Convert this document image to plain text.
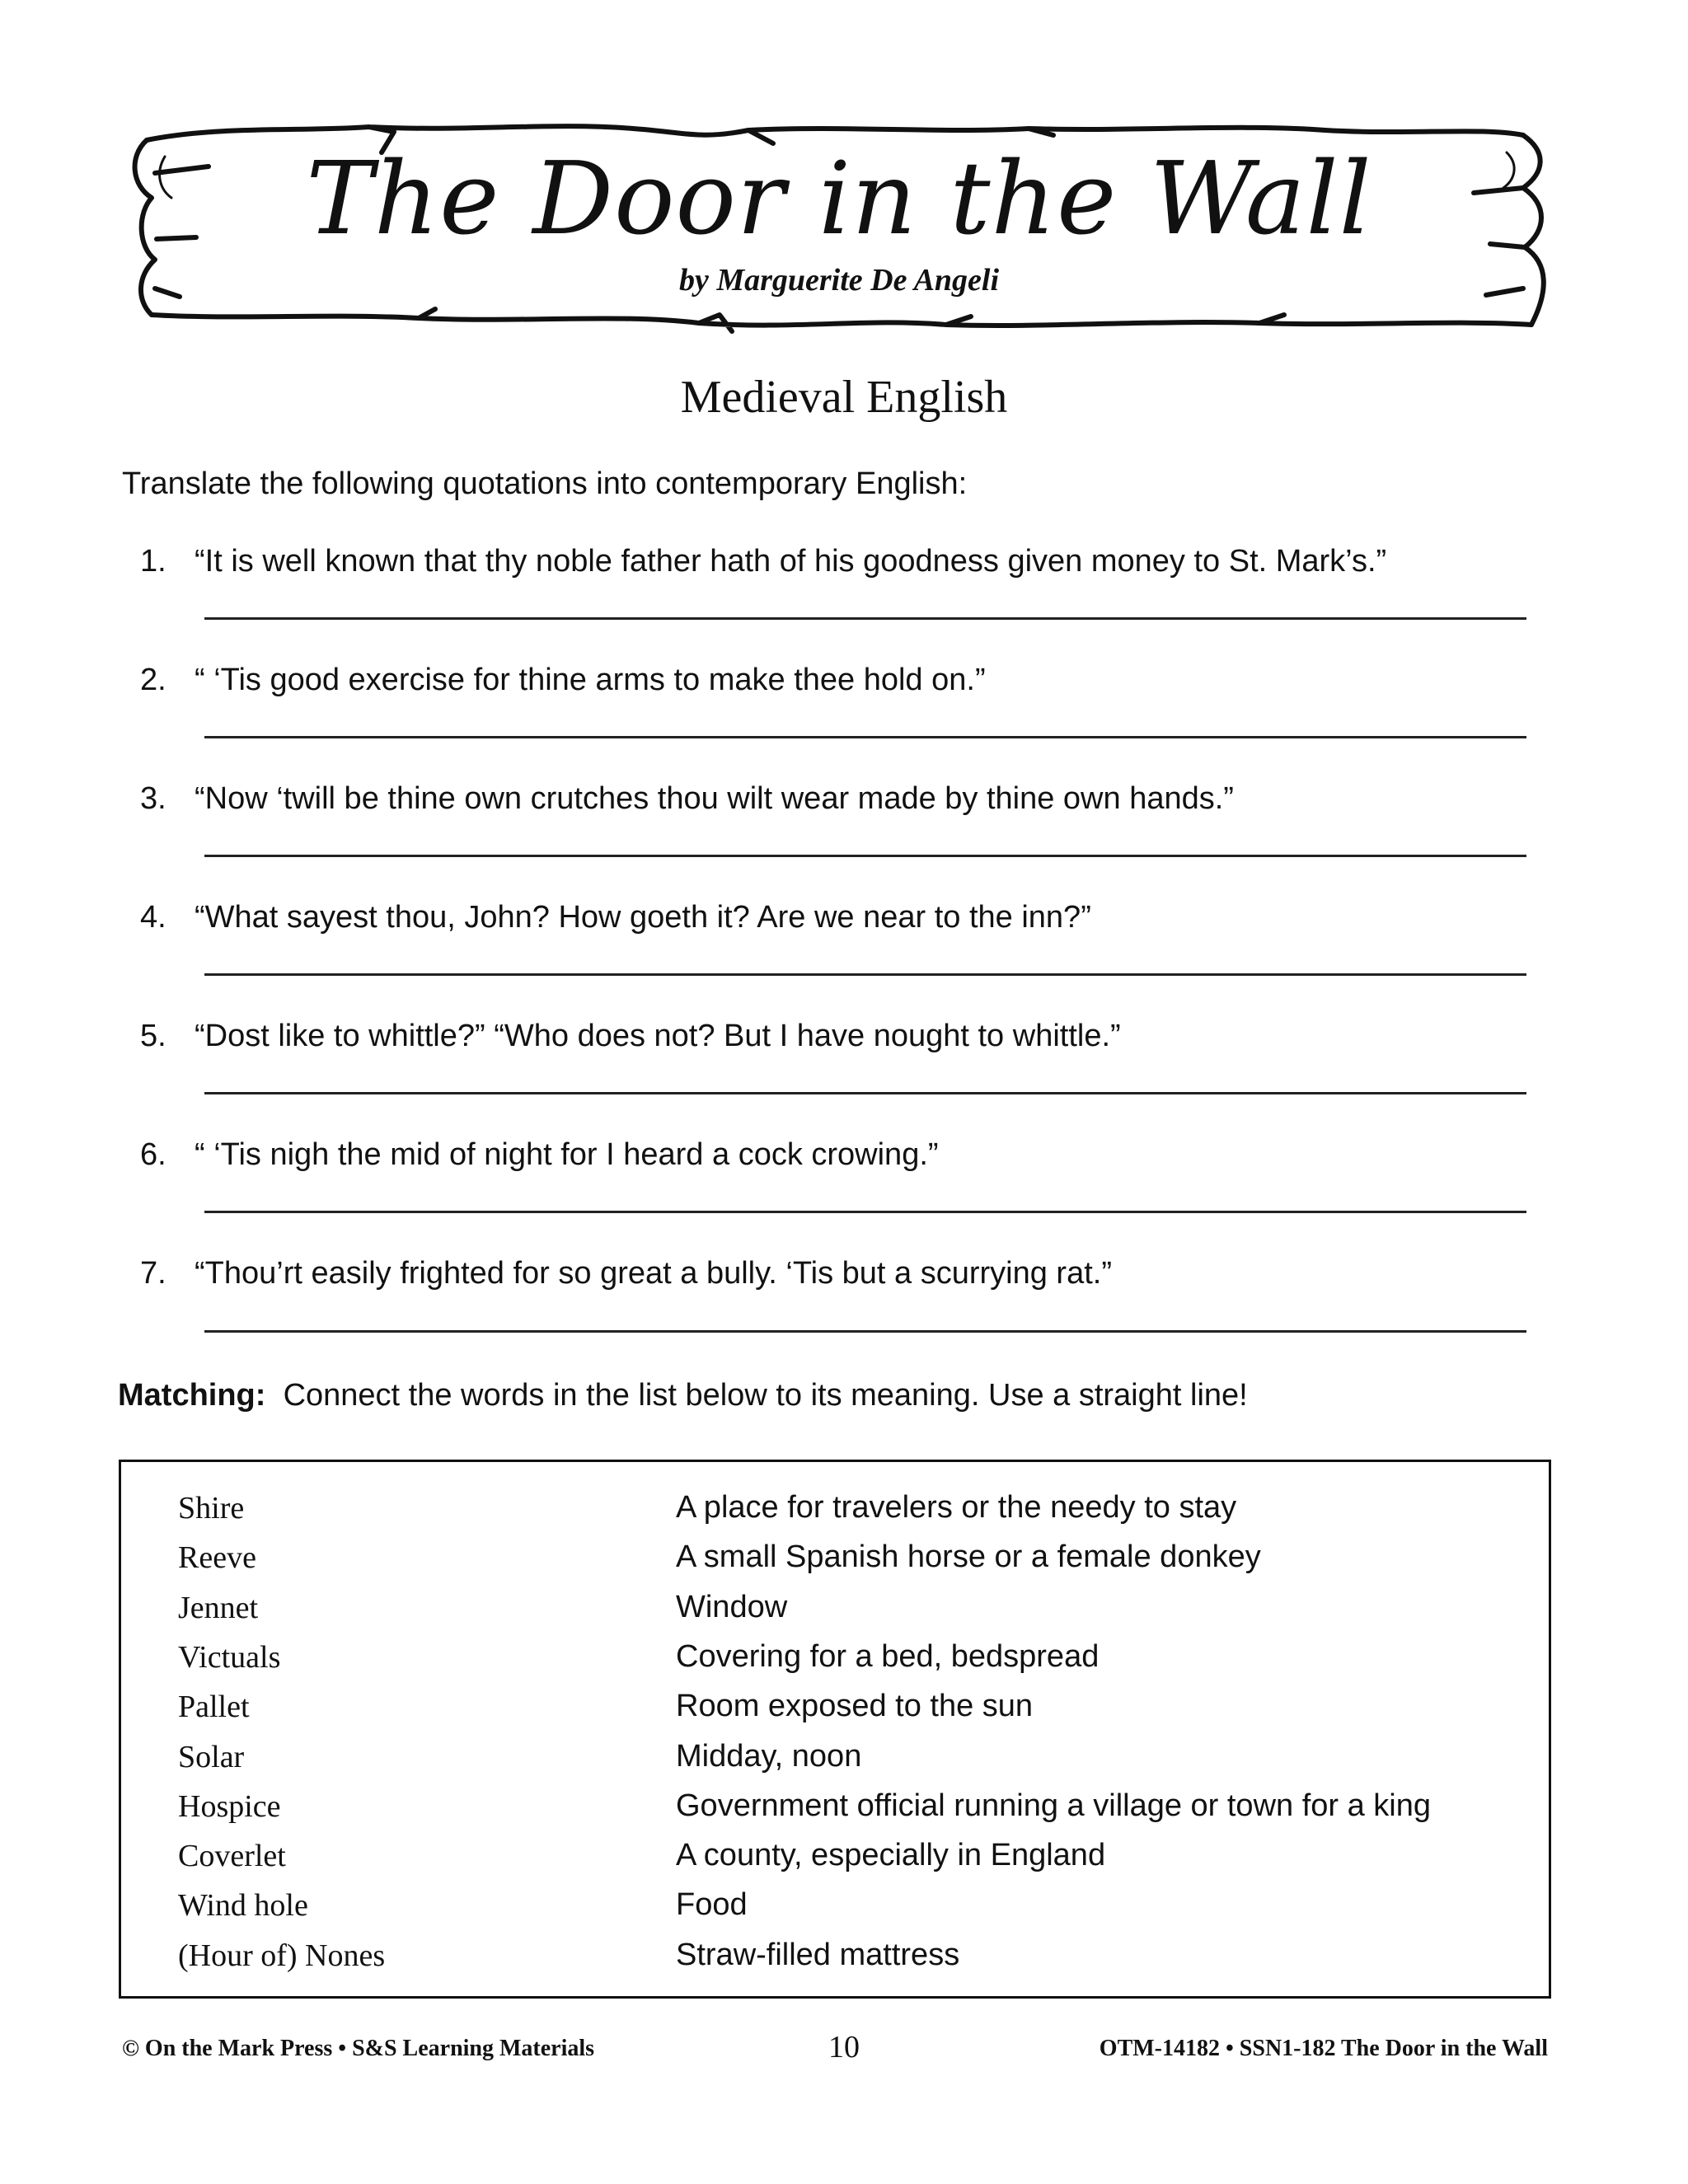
The Door in the Wall
by Marguerite De Angeli
Medieval English
Translate the following quotations into contemporary English:
1. “It is well known that thy noble father hath of his goodness given money to St. Mark’s.”
2. “ ‘Tis good exercise for thine arms to make thee hold on.”
3. “Now ‘twill be thine own crutches thou wilt wear made by thine own hands.”
4. “What sayest thou, John? How goeth it? Are we near to the inn?”
5. “Dost like to whittle?” “Who does not? But I have nought to whittle.”
6. “ ‘Tis nigh the mid of night for I heard a cock crowing.”
7. “Thou’rt easily frighted for so great a bully. ‘Tis but a scurrying rat.”
Matching: Connect the words in the list below to its meaning. Use a straight line!
Shire
Reeve
Jennet
Victuals
Pallet
Solar
Hospice
Coverlet
Wind hole
(Hour of) Nones
A place for travelers or the needy to stay
A small Spanish horse or a female donkey
Window
Covering for a bed, bedspread
Room exposed to the sun
Midday, noon
Government official running a village or town for a king
A county, especially in England
Food
Straw-filled mattress
© On the Mark Press • S&S Learning Materials	10	OTM-14182 • SSN1-182 The Door in the Wall
